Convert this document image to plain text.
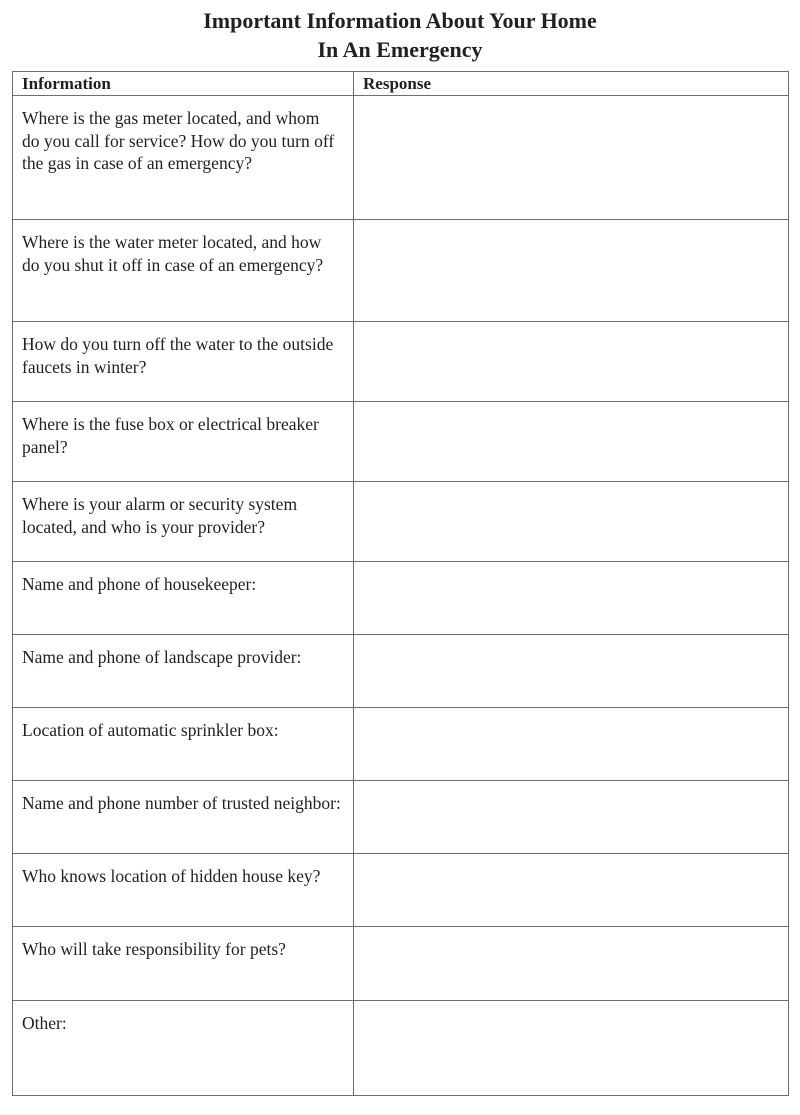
Important Information About Your Home
In An Emergency
Information	Response
Where is the gas meter located, and whom do you call for service? How do you turn off the gas in case of an emergency?	
Where is the water meter located, and how do you shut it off in case of an emergency?	
How do you turn off the water to the outside faucets in winter?	
Where is the fuse box or electrical breaker panel?	
Where is your alarm or security system located, and who is your provider?	
Name and phone of housekeeper:	
Name and phone of landscape provider:	
Location of automatic sprinkler box:	
Name and phone number of trusted neighbor:	
Who knows location of hidden house key?	
Who will take responsibility for pets?	
Other:	
